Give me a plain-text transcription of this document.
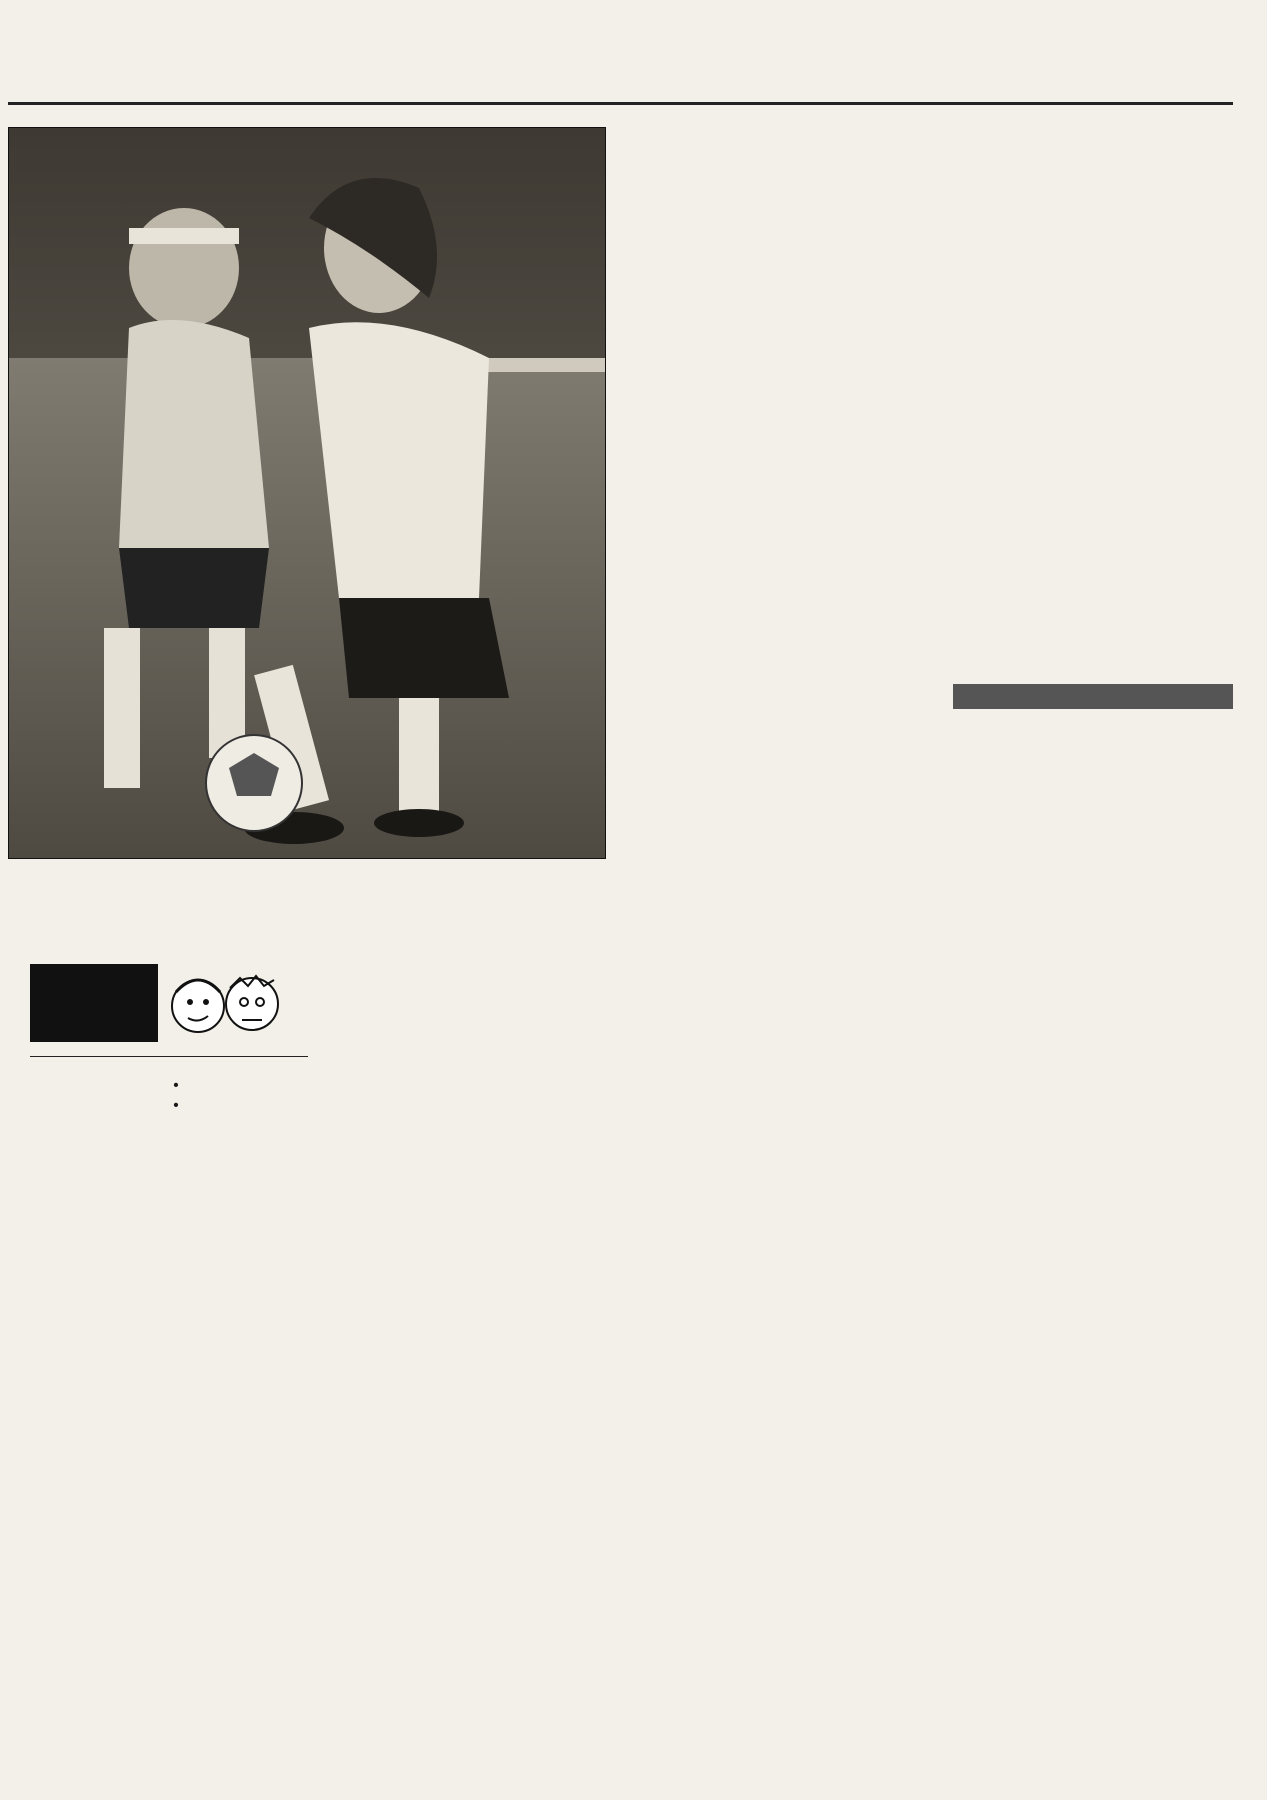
•

•
